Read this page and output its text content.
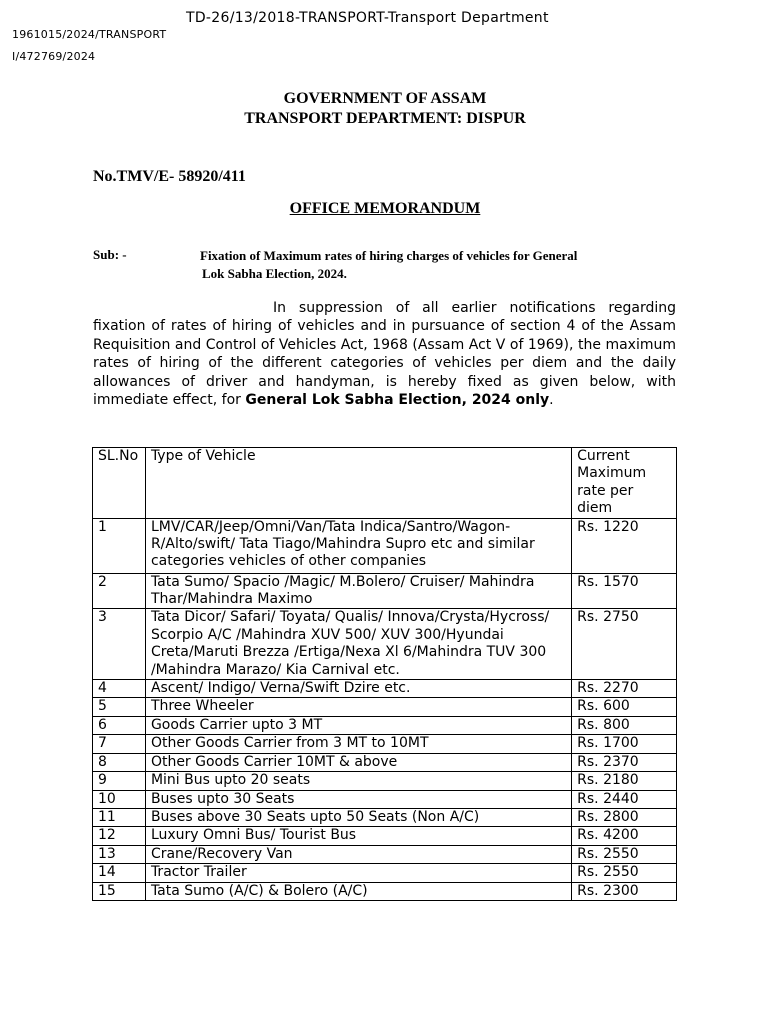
TD-26/13/2018-TRANSPORT-Transport Department
1961015/2024/TRANSPORT
I/472769/2024
GOVERNMENT OF ASSAM
TRANSPORT DEPARTMENT: DISPUR
No.TMV/E- 58920/411
OFFICE MEMORANDUM
Sub: -	Fixation of Maximum rates of hiring charges of vehicles for General
Lok Sabha Election, 2024.
In suppression of all earlier notifications regarding fixation of rates of hiring of vehicles and in pursuance of section 4 of the Assam Requisition and Control of Vehicles Act, 1968 (Assam Act V of 1969), the maximum rates of hiring of the different categories of vehicles per diem and the daily allowances of driver and handyman, is hereby fixed as given below, with immediate effect, for General Lok Sabha Election, 2024 only.
SL.No	Type of Vehicle	Current Maximum rate per diem
1	LMV/CAR/Jeep/Omni/Van/Tata Indica/Santro/Wagon-R/Alto/swift/ Tata Tiago/Mahindra Supro etc and similar categories vehicles of other companies	Rs. 1220
2	Tata Sumo/ Spacio /Magic/ M.Bolero/ Cruiser/ Mahindra Thar/Mahindra Maximo	Rs. 1570
3	Tata Dicor/ Safari/ Toyata/ Qualis/ Innova/Crysta/Hycross/ Scorpio A/C /Mahindra XUV 500/ XUV 300/Hyundai Creta/Maruti Brezza /Ertiga/Nexa Xl 6/Mahindra TUV 300 /Mahindra Marazo/ Kia Carnival etc.	Rs. 2750
4	Ascent/ Indigo/ Verna/Swift Dzire etc.	Rs. 2270
5	Three Wheeler	Rs. 600
6	Goods Carrier upto 3 MT	Rs. 800
7	Other Goods Carrier from 3 MT to 10MT	Rs. 1700
8	Other Goods Carrier 10MT & above	Rs. 2370
9	Mini Bus upto 20 seats	Rs. 2180
10	Buses upto 30 Seats	Rs. 2440
11	Buses above 30 Seats upto 50 Seats (Non A/C)	Rs. 2800
12	Luxury Omni Bus/ Tourist Bus	Rs. 4200
13	Crane/Recovery Van	Rs. 2550
14	Tractor Trailer	Rs. 2550
15	Tata Sumo (A/C) & Bolero (A/C)	Rs. 2300
